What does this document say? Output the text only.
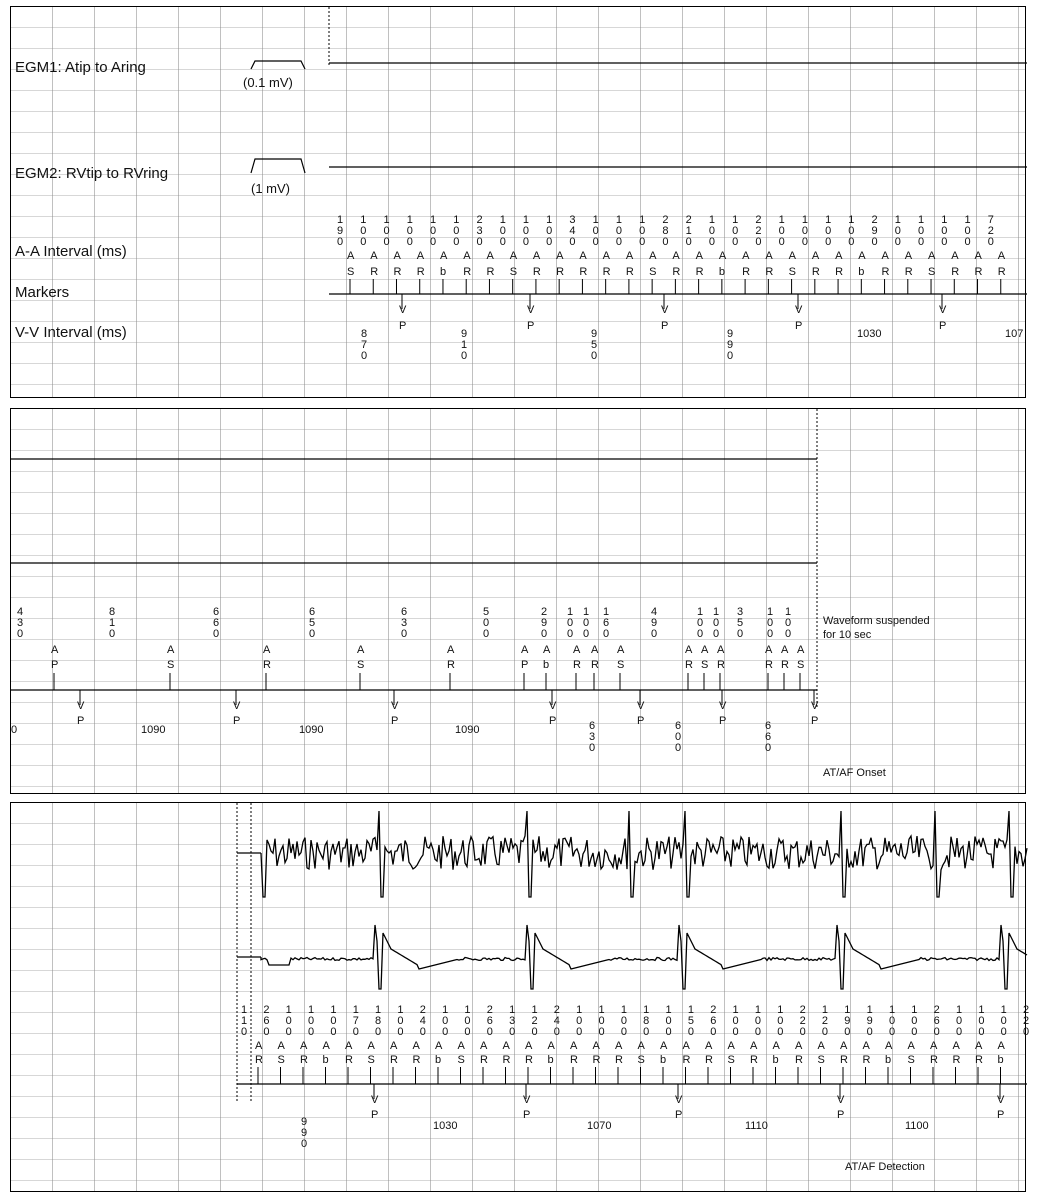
EGM1: Atip to Aring
(0.1 mV)
EGM2: RVtip to RVring
(1 mV)
A-A Interval (ms)
Markers
V-V Interval (ms)
1
9
0
1
0
0
1
0
0
1
0
0
1
0
0
1
0
0
2
3
0
1
0
0
1
0
0
1
0
0
3
4
0
1
0
0
1
0
0
1
0
0
2
8
0
2
1
0
1
0
0
1
0
0
2
2
0
1
0
0
1
0
0
1
0
0
1
0
0
2
9
0
1
0
0
1
0
0
1
0
0
1
0
0
7
2
0
A
S
A
R
A
R
A
R
A
b
A
R
A
R
A
S
A
R
A
R
A
R
A
R
A
R
A
S
A
R
A
R
A
b
A
R
A
R
A
S
A
R
A
R
A
b
A
R
A
R
A
S
A
R
A
R
A
R
V
P
V
P
V
P
V
P
V
P
8
7
0
9
1
0
9
5
0
9
9
0
1030	107
Waveform suspended
for 10 sec
AT/AF Onset
4
3
0
8
1
0
6
6
0
6
5
0
6
3
0
5
0
0
2
9
0
1
0
0
1
0
0
1
6
0
4
9
0
1
0
0
1
0
0
3
5
0
1
0
0
1
0
0
A
P
A
S
A
R
A
S
A
R
A
P
A
b
A
R
A
R
A
S
A
R
A
S
A
R
A
R
A
R
A
S
V
P
V
P
V
P
V
P
V
P
V
P
V
P
0	1090	1090	1090	6
3
0
6
0
0
6
6
0
AT/AF Detection
1
1
0
2
6
0
1
0
0
1
0
0
1
0
0
1
7
0
1
8
0
1
0
0
2
4
0
1
0
0
1
0
0
2
6
0
1
3
0
1
2
0
2
4
0
1
0
0
1
0
0
1
0
0
1
8
0
1
0
0
1
5
0
2
6
0
1
0
0
1
0
0
1
0
0
2
2
0
1
2
0
1
9
0
1
9
0
1
0
0
1
0
0
2
6
0
1
0
0
1
0
0
1
0
0
2
2
0
A
R
A
S
A
R
A
b
A
R
A
S
A
R
A
R
A
b
A
S
A
R
A
R
A
R
A
b
A
R
A
R
A
R
A
S
A
b
A
R
A
R
A
S
A
R
A
b
A
R
A
S
A
R
A
R
A
b
A
S
A
R
A
R
A
R
A
b
V
P
V
P
V
P
V
P
V
P
9
9
0
1030	1070	1110	1100
